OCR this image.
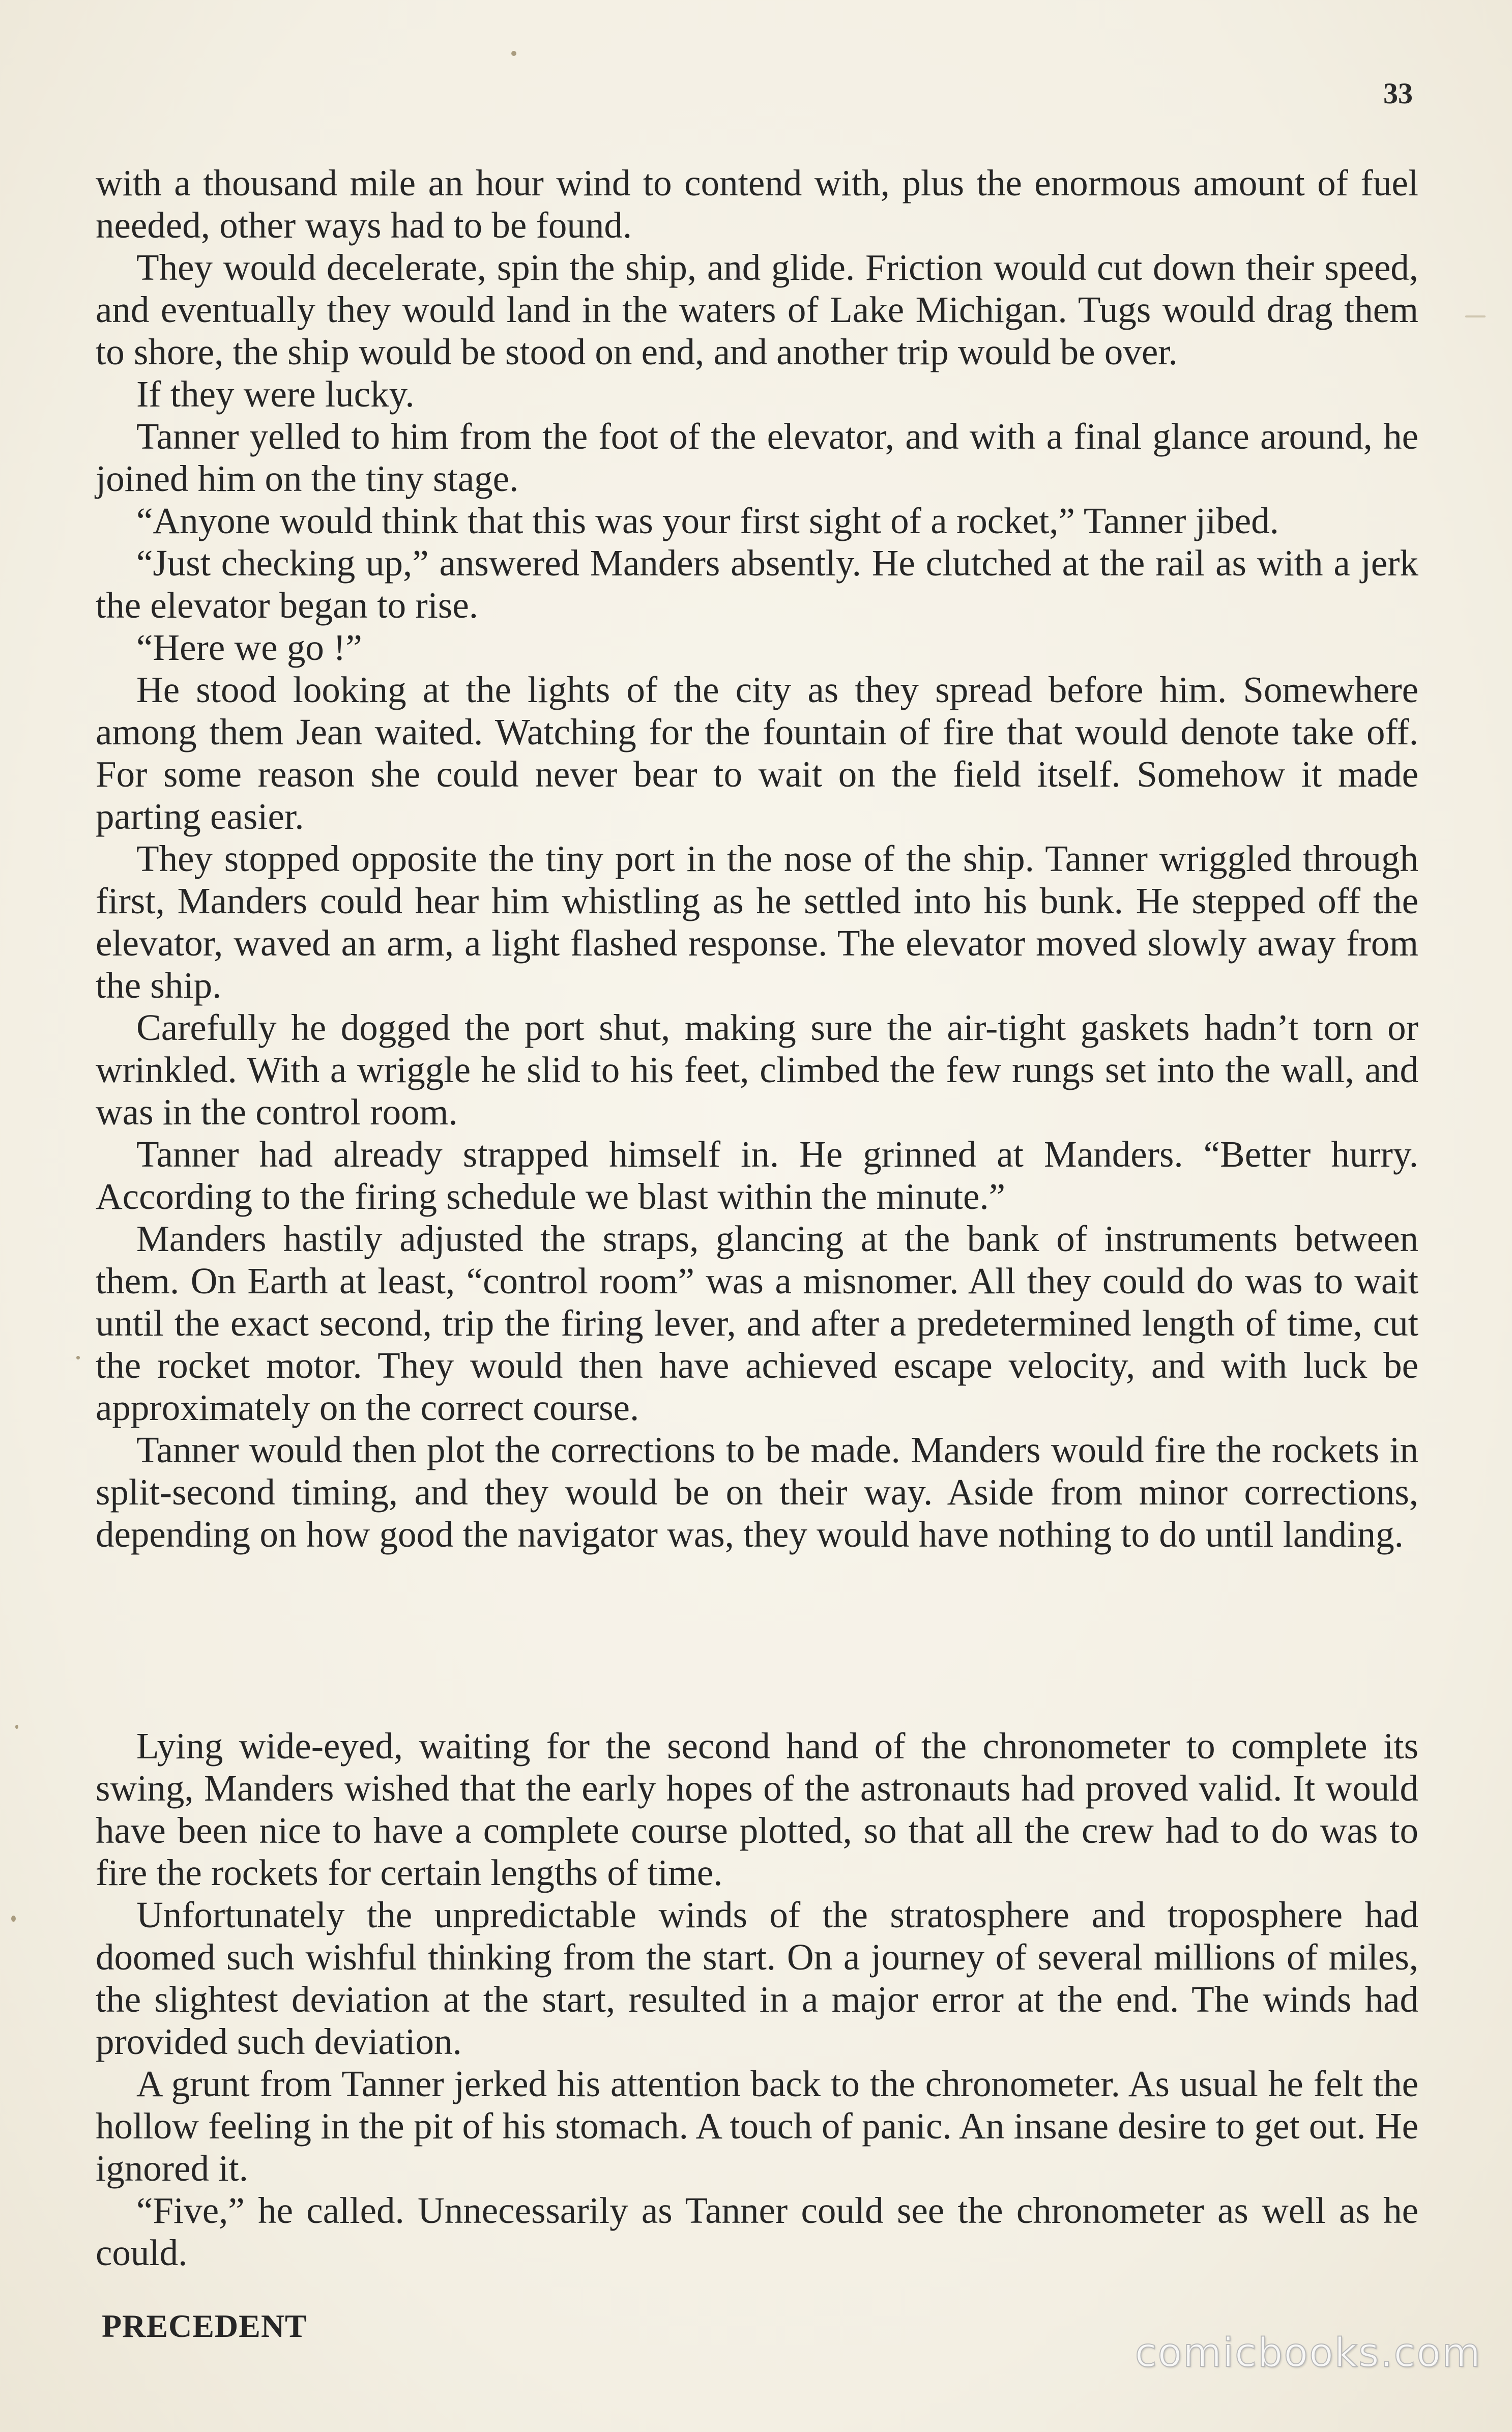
33

with a thousand mile an hour wind to contend with, plus the enormous amount of fuel needed, other ways had to be found.

They would decelerate, spin the ship, and glide. Friction would cut down their speed, and eventually they would land in the waters of Lake Michigan. Tugs would drag them to shore, the ship would be stood on end, and another trip would be over.

If they were lucky.

Tanner yelled to him from the foot of the elevator, and with a final glance around, he joined him on the tiny stage.

“Anyone would think that this was your first sight of a rocket,” Tanner jibed.

“Just checking up,” answered Manders absently. He clutched at the rail as with a jerk the elevator began to rise.

“Here we go !”

He stood looking at the lights of the city as they spread before him. Somewhere among them Jean waited. Watching for the fountain of fire that would denote take off. For some reason she could never bear to wait on the field itself. Somehow it made parting easier.

They stopped opposite the tiny port in the nose of the ship. Tanner wriggled through first, Manders could hear him whistling as he settled into his bunk. He stepped off the elevator, waved an arm, a light flashed response. The elevator moved slowly away from the ship.

Carefully he dogged the port shut, making sure the air-tight gaskets hadn’t torn or wrinkled. With a wriggle he slid to his feet, climbed the few rungs set into the wall, and was in the control room.

Tanner had already strapped himself in. He grinned at Manders. “Better hurry. According to the firing schedule we blast within the minute.”

Manders hastily adjusted the straps, glancing at the bank of instruments between them. On Earth at least, “control room” was a misnomer. All they could do was to wait until the exact second, trip the firing lever, and after a predetermined length of time, cut the rocket motor. They would then have achieved escape velocity, and with luck be approximately on the correct course.

Tanner would then plot the corrections to be made. Manders would fire the rockets in split-second timing, and they would be on their way. Aside from minor corrections, depending on how good the navigator was, they would have nothing to do until landing.

Lying wide-eyed, waiting for the second hand of the chronometer to complete its swing, Manders wished that the early hopes of the astronauts had proved valid. It would have been nice to have a complete course plotted, so that all the crew had to do was to fire the rockets for certain lengths of time.

Unfortunately the unpredictable winds of the stratosphere and troposphere had doomed such wishful thinking from the start. On a journey of several millions of miles, the slightest deviation at the start, resulted in a major error at the end. The winds had provided such deviation.

A grunt from Tanner jerked his attention back to the chronometer. As usual he felt the hollow feeling in the pit of his stomach. A touch of panic. An insane desire to get out. He ignored it.

“Five,” he called. Unnecessarily as Tanner could see the chronometer as well as he could.

PRECEDENT
comicbooks.com
